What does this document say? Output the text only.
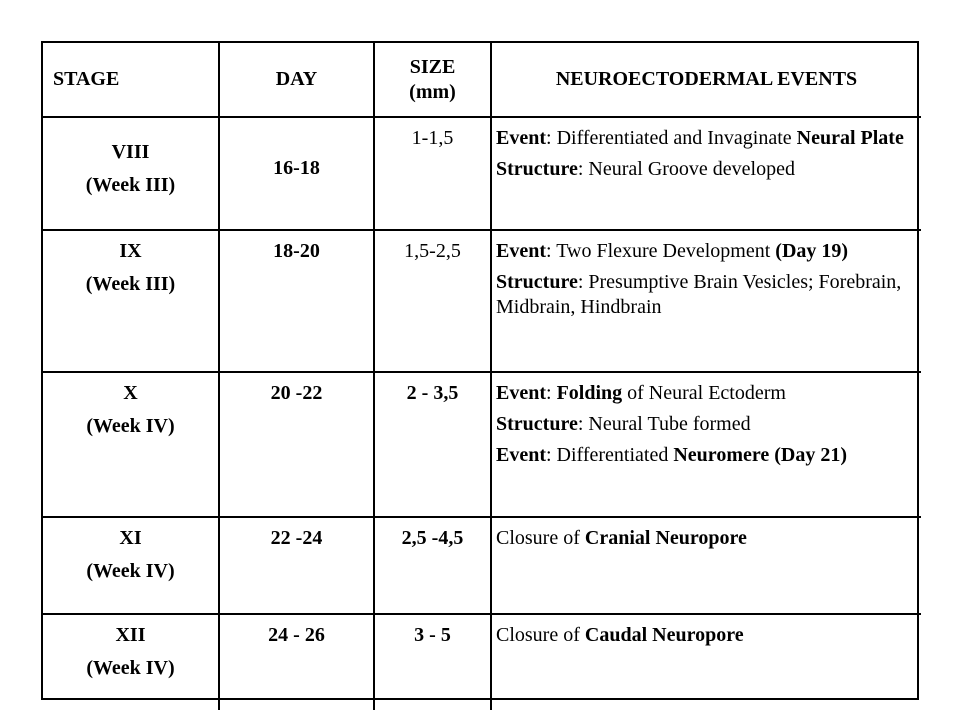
STAGE	DAY	SIZE
(mm)	NEUROECTODERMAL EVENTS

VIII
(Week III)	16-18	1-1,5	Event: Differentiated and Invaginate Neural Plate
Structure: Neural Groove developed

IX
(Week III)	18-20	1,5-2,5	Event: Two Flexure Development (Day 19)
Structure: Presumptive Brain Vesicles; Forebrain, Midbrain, Hindbrain

X
(Week IV)	20 -22	2 - 3,5	Event: Folding of Neural Ectoderm
Structure: Neural Tube formed
Event: Differentiated Neuromere (Day 21)

XI
(Week IV)	22 -24	2,5 -4,5	Closure of Cranial Neuropore

XII
(Week IV)	24 - 26	3 - 5	Closure of Caudal Neuropore
